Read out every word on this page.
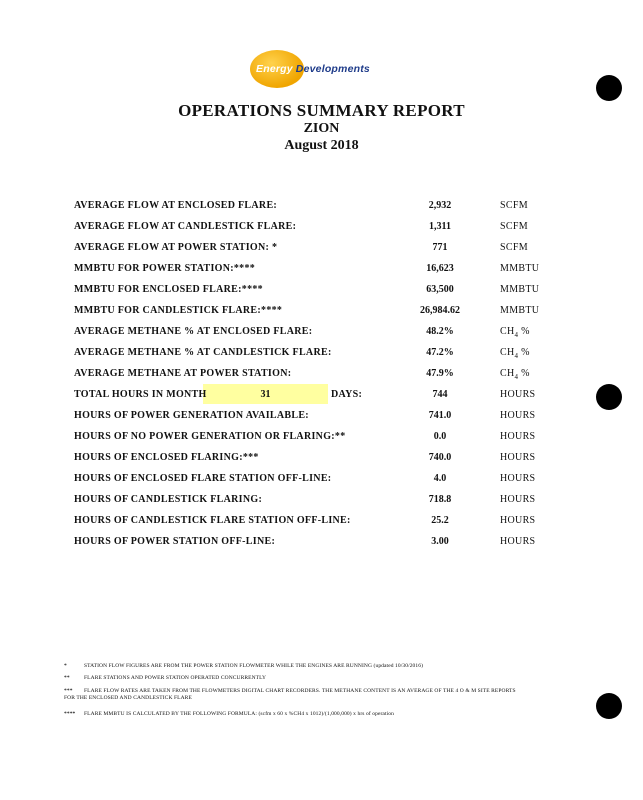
Energy Developments
OPERATIONS SUMMARY REPORT
ZION
August 2018
AVERAGE FLOW AT ENCLOSED FLARE:	2,932	SCFM
AVERAGE FLOW AT CANDLESTICK FLARE:	1,311	SCFM
AVERAGE FLOW AT POWER STATION: *	771	SCFM
MMBTU FOR POWER STATION:****	16,623	MMBTU
MMBTU FOR ENCLOSED FLARE:****	63,500	MMBTU
MMBTU FOR CANDLESTICK FLARE:****	26,984.62	MMBTU
AVERAGE METHANE % AT ENCLOSED FLARE:	48.2%	$CH_4$ %
AVERAGE METHANE % AT CANDLESTICK FLARE:	47.2%	$CH_4$ %
AVERAGE METHANE AT POWER STATION:	47.9%	$CH_4$ %
TOTAL HOURS IN MONTH	31	DAYS:	744	HOURS
HOURS OF POWER GENERATION AVAILABLE:	741.0	HOURS
HOURS OF NO POWER GENERATION OR FLARING:**	0.0	HOURS
HOURS OF ENCLOSED FLARING:***	740.0	HOURS
HOURS OF ENCLOSED FLARE STATION OFF-LINE:	4.0	HOURS
HOURS OF CANDLESTICK FLARING:	718.8	HOURS
HOURS OF CANDLESTICK FLARE STATION OFF-LINE:	25.2	HOURS
HOURS OF POWER STATION OFF-LINE:	3.00	HOURS
*	STATION FLOW FIGURES ARE FROM THE POWER STATION FLOWMETER WHILE THE ENGINES ARE RUNNING (updated 10/30/2016)
**	FLARE STATIONS AND POWER STATION OPERATED CONCURRENTLY
*** FLARE FLOW RATES ARE TAKEN FROM THE FLOWMETERS DIGITAL CHART RECORDERS. THE METHANE CONTENT IS AN AVERAGE OF THE 4 O & M SITE REPORTS
FOR THE ENCLOSED AND CANDLESTICK FLARE
**** FLARE MMBTU IS CALCULATED BY THE FOLLOWING FORMULA: (scfm x 60 x %CH4 x 1012)/(1,000,000) x hrs of operation
